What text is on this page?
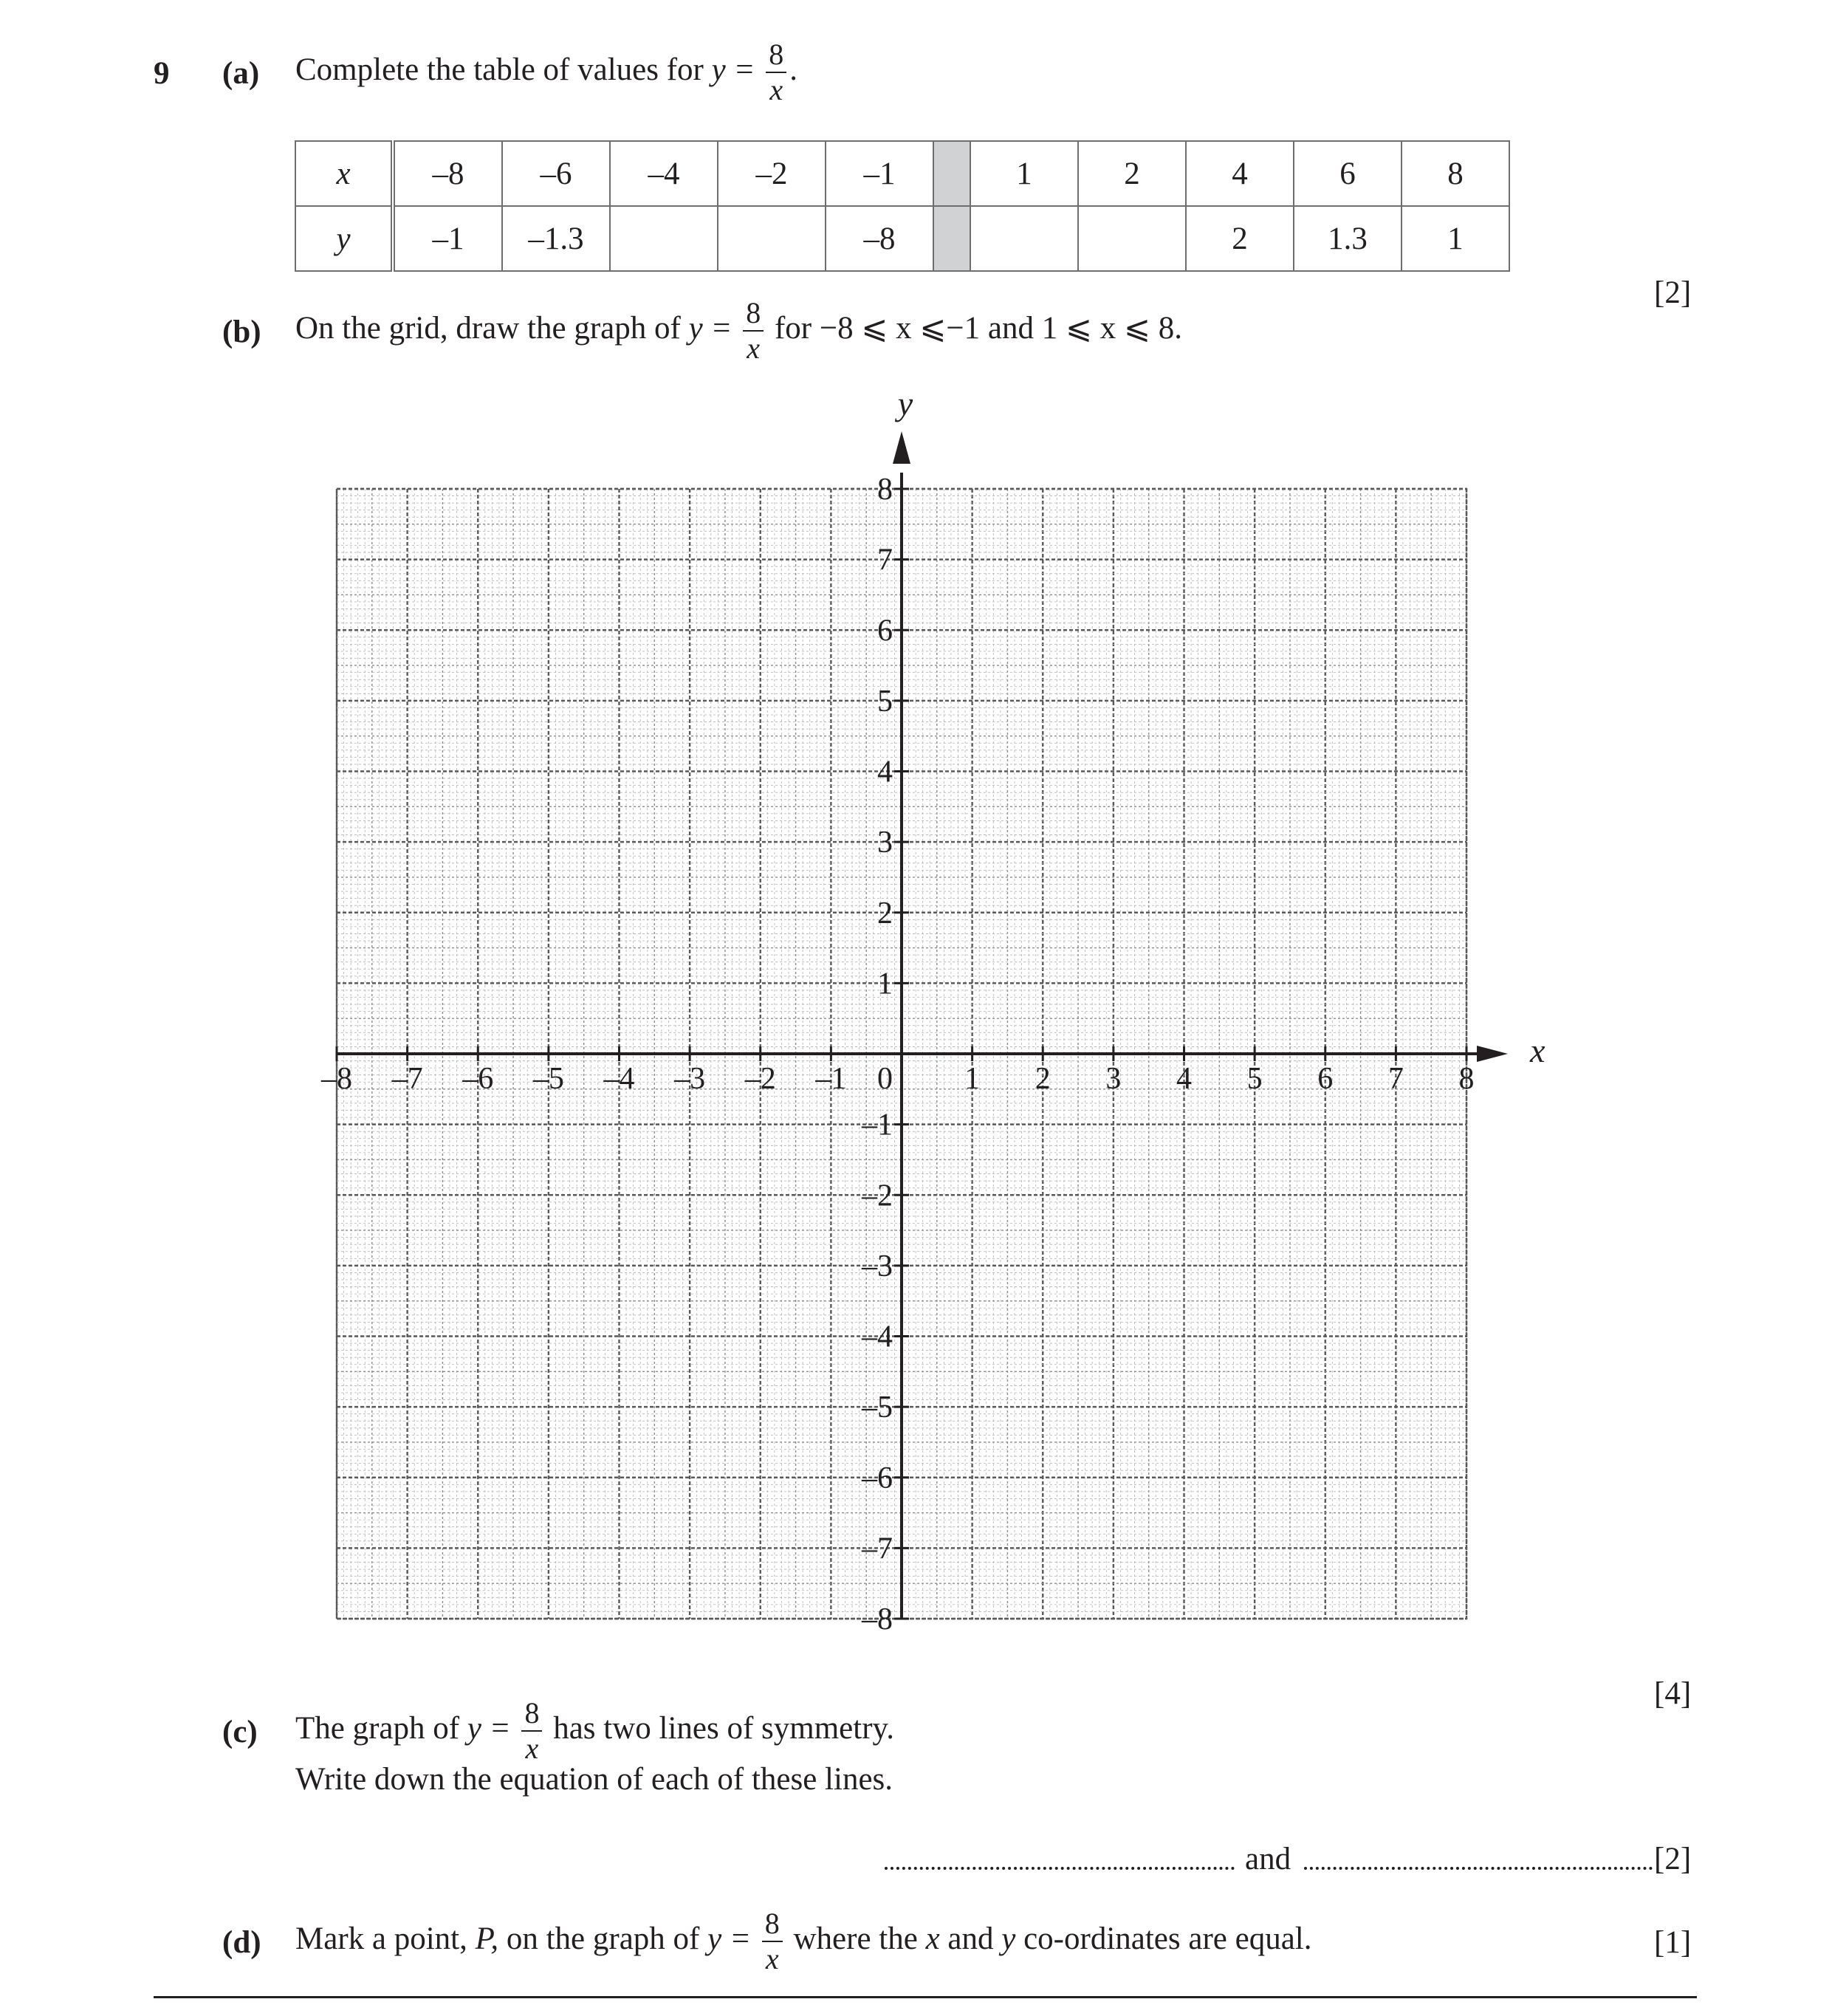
9 (a) Complete the table of values for $y = \frac{8}{x}$ .
x	–8	–6	–4	–2	–1		1	2	4	6	8
y	–1	–1.3			–8				2	1.3	1
[2]
(b) On the grid, draw the graph of $y = \frac{8}{x}$ for −8 ⩽ x ⩽−1 and 1 ⩽ x ⩽ 8.
–8 –7 –6 –5 –4 –3 –2 –1	1 2 3 4 5 6 7 8
–8
–7
–6
–5
–4
–3
–2
–1
1
2
3
4
5
6
7
8
0
x
y
[4]
(c) The graph of $y = \frac{8}{x}$ has two lines of symmetry.
Write down the equation of each of these lines.
and	[2]
(d) Mark a point, P, on the graph of $y = \frac{8}{x}$ where the x and y co-ordinates are equal.	[1]
